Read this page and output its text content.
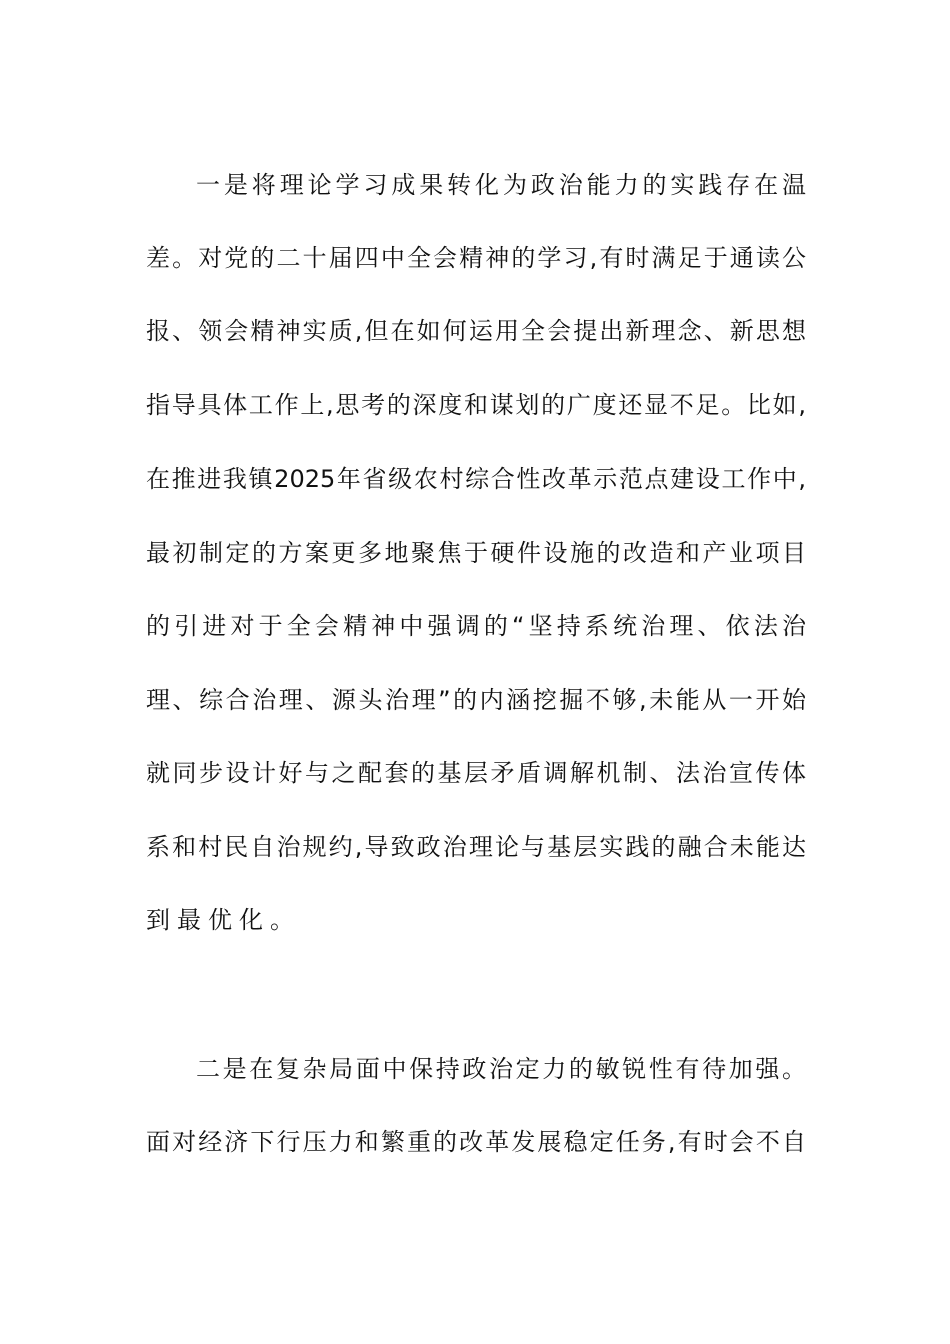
一是将理论学习成果转化为政治能力的实践存在温
差。对党的二十届四中全会精神的学习,有时满足于通读公
报、领会精神实质,但在如何运用全会提出新理念、新思想
指导具体工作上,思考的深度和谋划的广度还显不足。比如,
在推进我镇2025年省级农村综合性改革示范点建设工作中,
最初制定的方案更多地聚焦于硬件设施的改造和产业项目
的引进对于全会精神中强调的“坚持系统治理、依法治
理、综合治理、源头治理”的内涵挖掘不够,未能从一开始
就同步设计好与之配套的基层矛盾调解机制、法治宣传体
系和村民自治规约,导致政治理论与基层实践的融合未能达
到最优化。
二是在复杂局面中保持政治定力的敏锐性有待加强。
面对经济下行压力和繁重的改革发展稳定任务,有时会不自
